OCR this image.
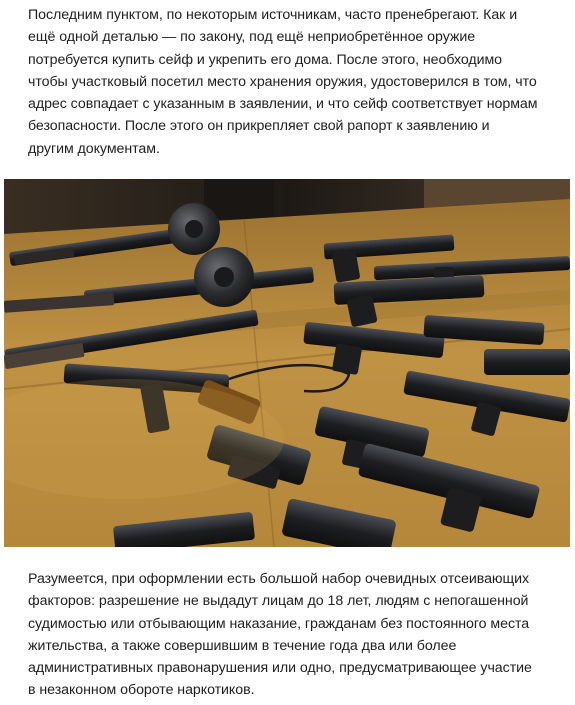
Последним пунктом, по некоторым источникам, часто пренебрегают. Как и
ещё одной деталью — по закону, под ещё неприобретённое оружие
потребуется купить сейф и укрепить его дома. После этого, необходимо
чтобы участковый посетил место хранения оружия, удостоверился в том, что
адрес совпадает с указанным в заявлении, и что сейф соответствует нормам
безопасности. После этого он прикрепляет свой рапорт к заявлению и
другим документам.
Разумеется, при оформлении есть большой набор очевидных отсеивающих
факторов: разрешение не выдадут лицам до 18 лет, людям с непогашенной
судимостью или отбывающим наказание, гражданам без постоянного места
жительства, а также совершившим в течение года два или более
административных правонарушения или одно, предусматривающее участие
в незаконном обороте наркотиков.
